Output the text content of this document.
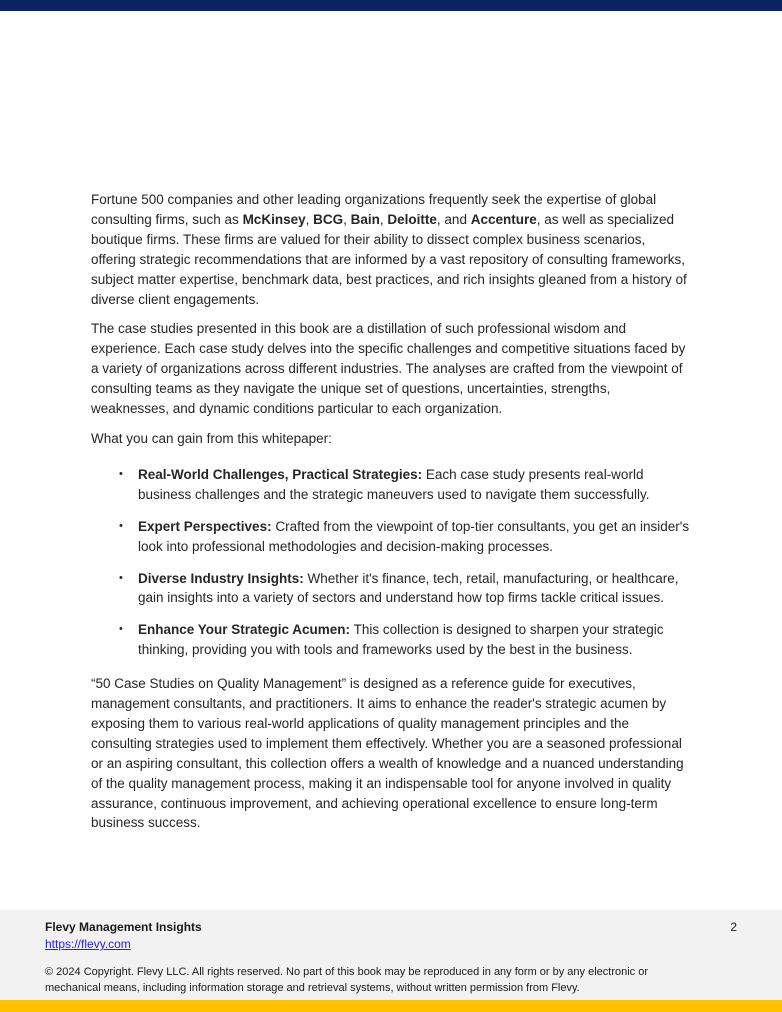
Fortune 500 companies and other leading organizations frequently seek the expertise of global consulting firms, such as McKinsey, BCG, Bain, Deloitte, and Accenture, as well as specialized boutique firms. These firms are valued for their ability to dissect complex business scenarios, offering strategic recommendations that are informed by a vast repository of consulting frameworks, subject matter expertise, benchmark data, best practices, and rich insights gleaned from a history of diverse client engagements.

The case studies presented in this book are a distillation of such professional wisdom and experience. Each case study delves into the specific challenges and competitive situations faced by a variety of organizations across different industries. The analyses are crafted from the viewpoint of consulting teams as they navigate the unique set of questions, uncertainties, strengths, weaknesses, and dynamic conditions particular to each organization.

What you can gain from this whitepaper:

• Real-World Challenges, Practical Strategies: Each case study presents real-world business challenges and the strategic maneuvers used to navigate them successfully.
• Expert Perspectives: Crafted from the viewpoint of top-tier consultants, you get an insider's look into professional methodologies and decision-making processes.
• Diverse Industry Insights: Whether it's finance, tech, retail, manufacturing, or healthcare, gain insights into a variety of sectors and understand how top firms tackle critical issues.
• Enhance Your Strategic Acumen: This collection is designed to sharpen your strategic thinking, providing you with tools and frameworks used by the best in the business.

“50 Case Studies on Quality Management” is designed as a reference guide for executives, management consultants, and practitioners. It aims to enhance the reader's strategic acumen by exposing them to various real-world applications of quality management principles and the consulting strategies used to implement them effectively. Whether you are a seasoned professional or an aspiring consultant, this collection offers a wealth of knowledge and a nuanced understanding of the quality management process, making it an indispensable tool for anyone involved in quality assurance, continuous improvement, and achieving operational excellence to ensure long-term business success.

Flevy Management Insights
https://flevy.com
2

© 2024 Copyright. Flevy LLC. All rights reserved. No part of this book may be reproduced in any form or by any electronic or mechanical means, including information storage and retrieval systems, without written permission from Flevy.
